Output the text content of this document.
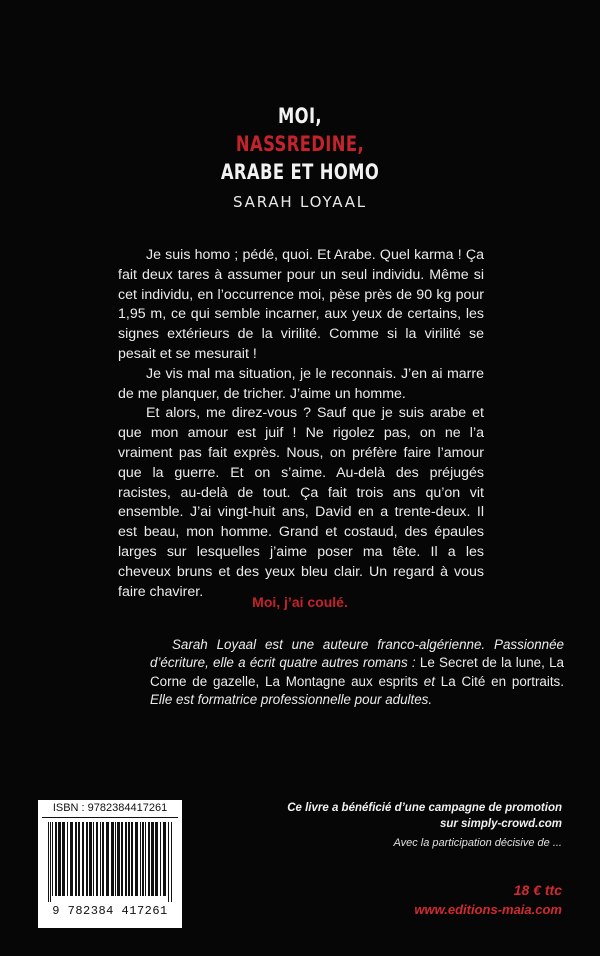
MOI,
NASSREDINE,
ARABE ET HOMO
SARAH LOYAAL

Je suis homo ; pédé, quoi. Et Arabe. Quel karma ! Ça fait deux tares à assumer pour un seul individu. Même si cet individu, en l’occurrence moi, pèse près de 90 kg pour 1,95 m, ce qui semble incarner, aux yeux de certains, les signes extérieurs de la virilité. Comme si la virilité se pesait et se mesurait !

Je vis mal ma situation, je le reconnais. J’en ai marre de me planquer, de tricher. J’aime un homme.

Et alors, me direz-vous ? Sauf que je suis arabe et que mon amour est juif ! Ne rigolez pas, on ne l’a vraiment pas fait exprès. Nous, on préfère faire l’amour que la guerre. Et on s’aime. Au-delà des préjugés racistes, au-delà de tout. Ça fait trois ans qu’on vit ensemble. J’ai vingt-huit ans, David en a trente-deux. Il est beau, mon homme. Grand et costaud, des épaules larges sur lesquelles j’aime poser ma tête. Il a les cheveux bruns et des yeux bleu clair. Un regard à vous faire chavirer.

Moi, j’ai coulé.

Sarah Loyaal est une auteure franco-algérienne. Passionnée d’écriture, elle a écrit quatre autres romans : Le Secret de la lune, La Corne de gazelle, La Montagne aux esprits et La Cité en portraits. Elle est formatrice professionnelle pour adultes.

ISBN : 9782384417261
9 782384 417261
Ce livre a bénéficié d’une campagne de promotion
sur simply-crowd.com
Avec la participation décisive de ...
18 € ttc
www.editions-maia.com
